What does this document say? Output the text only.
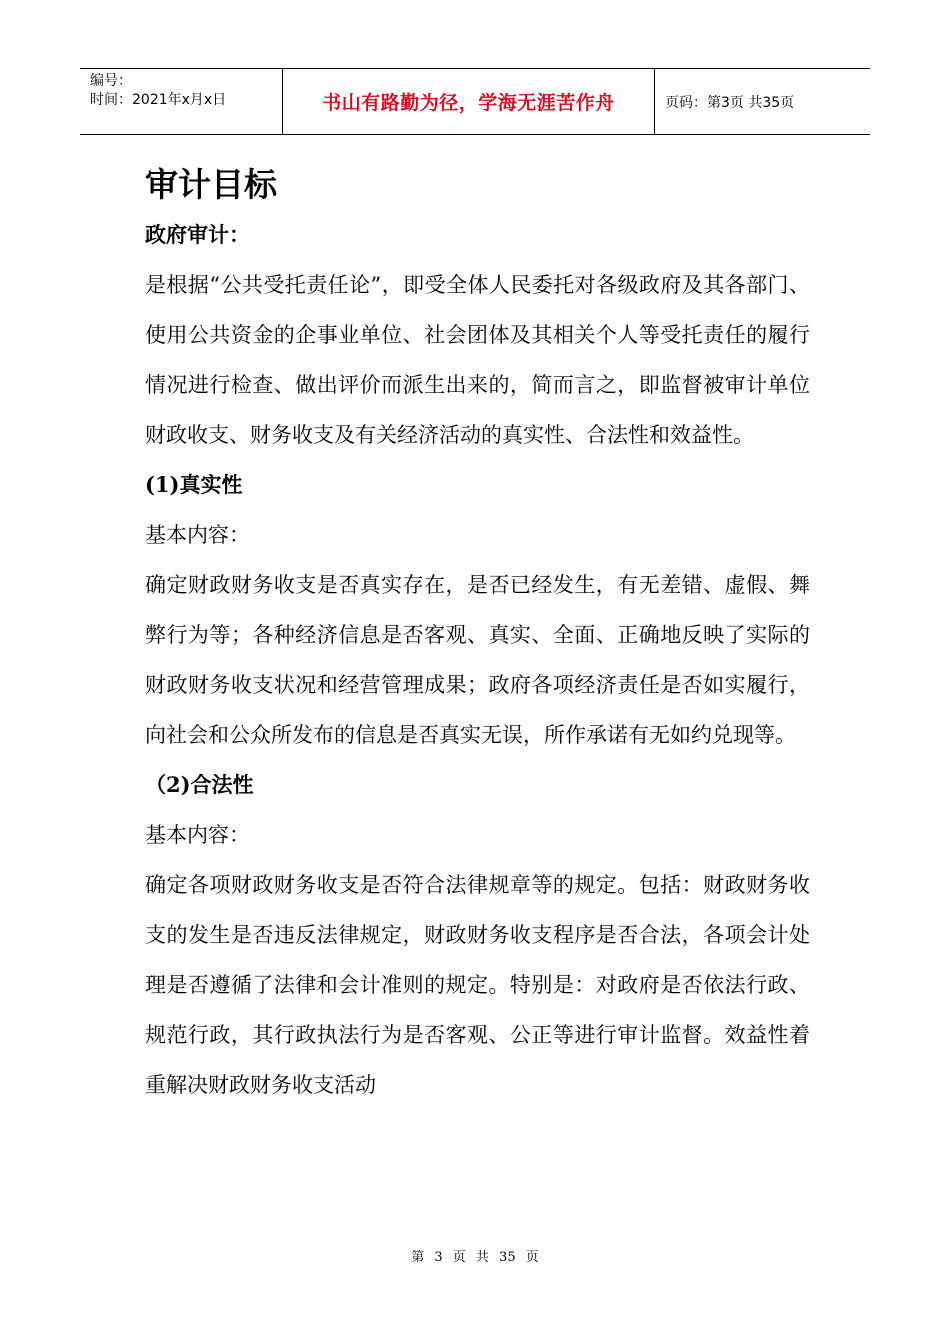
编号：
时间：2021年x月x日	书山有路勤为径，学海无涯苦作舟	页码：第3页 共35页
审计目标

政府审计：

是根据“公共受托责任论”，即受全体人民委托对各级政府及其各部门、使用公共资金的企事业单位、社会团体及其相关个人等受托责任的履行情况进行检查、做出评价而派生出来的，简而言之，即监督被审计单位财政收支、财务收支及有关经济活动的真实性、合法性和效益性。

(1)真实性

基本内容：

确定财政财务收支是否真实存在，是否已经发生，有无差错、虚假、舞弊行为等；各种经济信息是否客观、真实、全面、正确地反映了实际的财政财务收支状况和经营管理成果；政府各项经济责任是否如实履行，向社会和公众所发布的信息是否真实无误，所作承诺有无如约兑现等。

（2)合法性

基本内容：

确定各项财政财务收支是否符合法律规章等的规定。包括：财政财务收支的发生是否违反法律规定，财政财务收支程序是否合法，各项会计处理是否遵循了法律和会计准则的规定。特别是：对政府是否依法行政、规范行政，其行政执法行为是否客观、公正等进行审计监督。效益性着重解决财政财务收支活动

第 3 页 共 35 页
